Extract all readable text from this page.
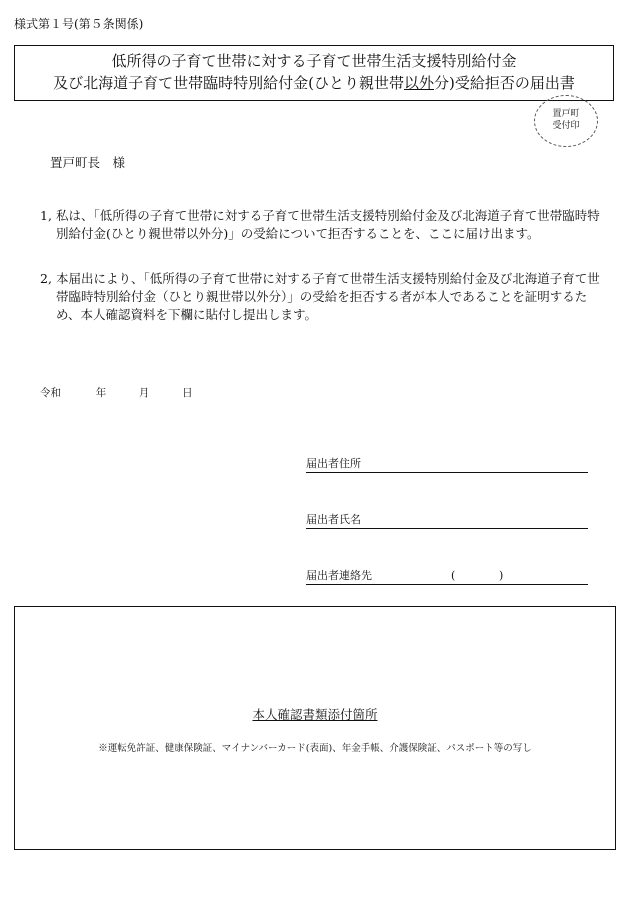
様式第１号(第５条関係)
低所得の子育て世帯に対する子育て世帯生活支援特別給付金
及び北海道子育て世帯臨時特別給付金(ひとり親世帯以外分)受給拒否の届出書
置戸町
受付印
置戸町長　様
1, 私は、「低所得の子育て世帯に対する子育て世帯生活支援特別給付金及び北海道子育て世帯臨時特別給付金(ひとり親世帯以外分)」の受給について拒否することを、ここに届け出ます。
2, 本届出により、「低所得の子育て世帯に対する子育て世帯生活支援特別給付金及び北海道子育て世帯臨時特別給付金（ひとり親世帯以外分）」の受給を拒否する者が本人であることを証明するため、本人確認資料を下欄に貼付し提出します。
令和	年	月	日
届出者住所
届出者氏名
届出者連絡先	(	)
本人確認書類添付箇所
※運転免許証、健康保険証、マイナンバーカード(表面)、年金手帳、介護保険証、パスポート等の写し
